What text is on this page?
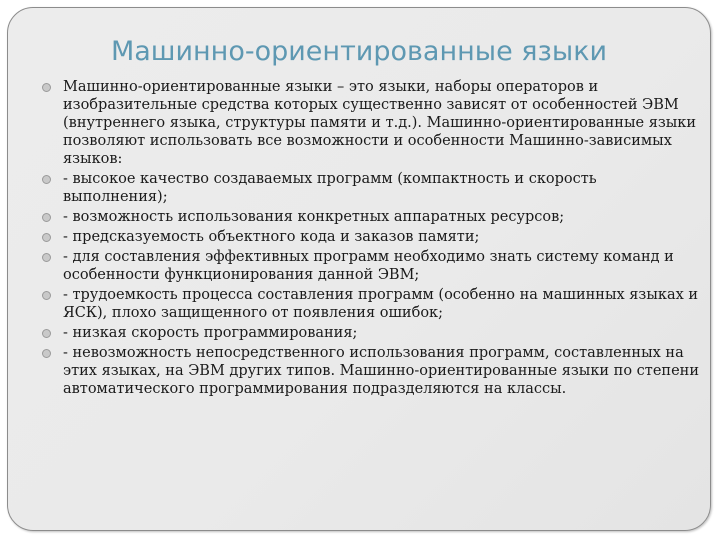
Машинно-ориентированные языки
Машинно-ориентированные языки – это языки, наборы операторов и изобразительные средства которых существенно зависят от особенностей ЭВМ (внутреннего языка, структуры памяти и т.д.). Машинно-ориентированные языки позволяют использовать все возможности и особенности Машинно-зависимых языков:
- высокое качество создаваемых программ (компактность и скорость выполнения);
- возможность использования конкретных аппаратных ресурсов;
- предсказуемость объектного кода и заказов памяти;
- для составления эффективных программ необходимо знать систему команд и особенности функционирования данной ЭВМ;
- трудоемкость процесса составления программ (особенно на машинных языках и ЯСК), плохо защищенного от появления ошибок;
- низкая скорость программирования;
- невозможность непосредственного использования программ, составленных на этих языках, на ЭВМ других типов. Машинно-ориентированные языки по степени автоматического программирования подразделяются на классы.
